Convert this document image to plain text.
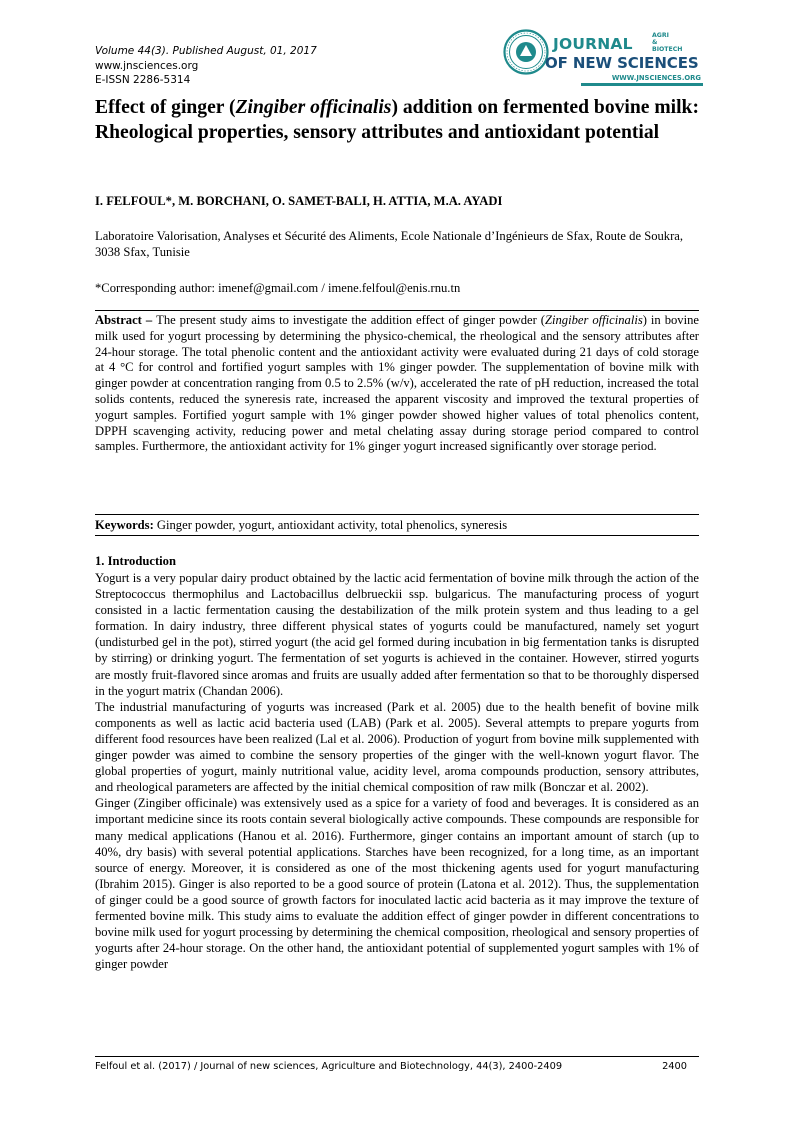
Volume 44(3). Published August, 01, 2017
www.jnsciences.org
E-ISSN 2286-5314
JOURNAL	AGRI
&
BIOTECH
OF NEW SCIENCES
WWW.JNSCIENCES.ORG
Effect of ginger (Zingiber officinalis) addition on fermented bovine milk: Rheological properties, sensory attributes and antioxidant potential
I. FELFOUL*, M. BORCHANI, O. SAMET-BALI, H. ATTIA, M.A. AYADI
Laboratoire Valorisation, Analyses et Sécurité des Aliments, Ecole Nationale d’Ingénieurs de Sfax, Route de Soukra, 3038 Sfax, Tunisie
*Corresponding author: imenef@gmail.com / imene.felfoul@enis.rnu.tn
Abstract – The present study aims to investigate the addition effect of ginger powder (Zingiber officinalis) in bovine milk used for yogurt processing by determining the physico-chemical, the rheological and the sensory attributes after 24-hour storage. The total phenolic content and the antioxidant activity were evaluated during 21 days of cold storage at 4 °C for control and fortified yogurt samples with 1% ginger powder. The supplementation of bovine milk with ginger powder at concentration ranging from 0.5 to 2.5% (w/v), accelerated the rate of pH reduction, increased the total solids contents, reduced the syneresis rate, increased the apparent viscosity and improved the textural properties of yogurt samples. Fortified yogurt sample with 1% ginger powder showed higher values of total phenolics content, DPPH scavenging activity, reducing power and metal chelating assay during storage period compared to control samples. Furthermore, the antioxidant activity for 1% ginger yogurt increased significantly over storage period.
Keywords: Ginger powder, yogurt, antioxidant activity, total phenolics, syneresis
1. Introduction

Yogurt is a very popular dairy product obtained by the lactic acid fermentation of bovine milk through the action of the Streptococcus thermophilus and Lactobacillus delbrueckii ssp. bulgaricus. The manufacturing process of yogurt consisted in a lactic fermentation causing the destabilization of the milk protein system and thus leading to a gel formation. In dairy industry, three different physical states of yogurts could be manufactured, namely set yogurt (undisturbed gel in the pot), stirred yogurt (the acid gel formed during incubation in big fermentation tanks is disrupted by stirring) or drinking yogurt. The fermentation of set yogurts is achieved in the container. However, stirred yogurts are mostly fruit-flavored since aromas and fruits are usually added after fermentation so that to be thoroughly dispersed in the yogurt matrix (Chandan 2006).

The industrial manufacturing of yogurts was increased (Park et al. 2005) due to the health benefit of bovine milk components as well as lactic acid bacteria used (LAB) (Park et al. 2005). Several attempts to prepare yogurts from different food resources have been realized (Lal et al. 2006). Production of yogurt from bovine milk supplemented with ginger powder was aimed to combine the sensory properties of the ginger with the well-known yogurt flavor. The global properties of yogurt, mainly nutritional value, acidity level, aroma compounds production, sensory attributes, and rheological parameters are affected by the initial chemical composition of raw milk (Bonczar et al. 2002).

Ginger (Zingiber officinale) was extensively used as a spice for a variety of food and beverages. It is considered as an important medicine since its roots contain several biologically active compounds. These compounds are responsible for many medical applications (Hanou et al. 2016). Furthermore, ginger contains an important amount of starch (up to 40%, dry basis) with several potential applications. Starches have been recognized, for a long time, as an important source of energy. Moreover, it is considered as one of the most thickening agents used for yogurt manufacturing (Ibrahim 2015). Ginger is also reported to be a good source of protein (Latona et al. 2012). Thus, the supplementation of ginger could be a good source of growth factors for inoculated lactic acid bacteria as it may improve the texture of fermented bovine milk. This study aims to evaluate the addition effect of ginger powder in different concentrations to bovine milk used for yogurt processing by determining the chemical composition, rheological and sensory properties of yogurts after 24-hour storage. On the other hand, the antioxidant potential of supplemented yogurt samples with 1% of ginger powder

Felfoul et al. (2017) / Journal of new sciences, Agriculture and Biotechnology, 44(3), 2400-2409	2400
